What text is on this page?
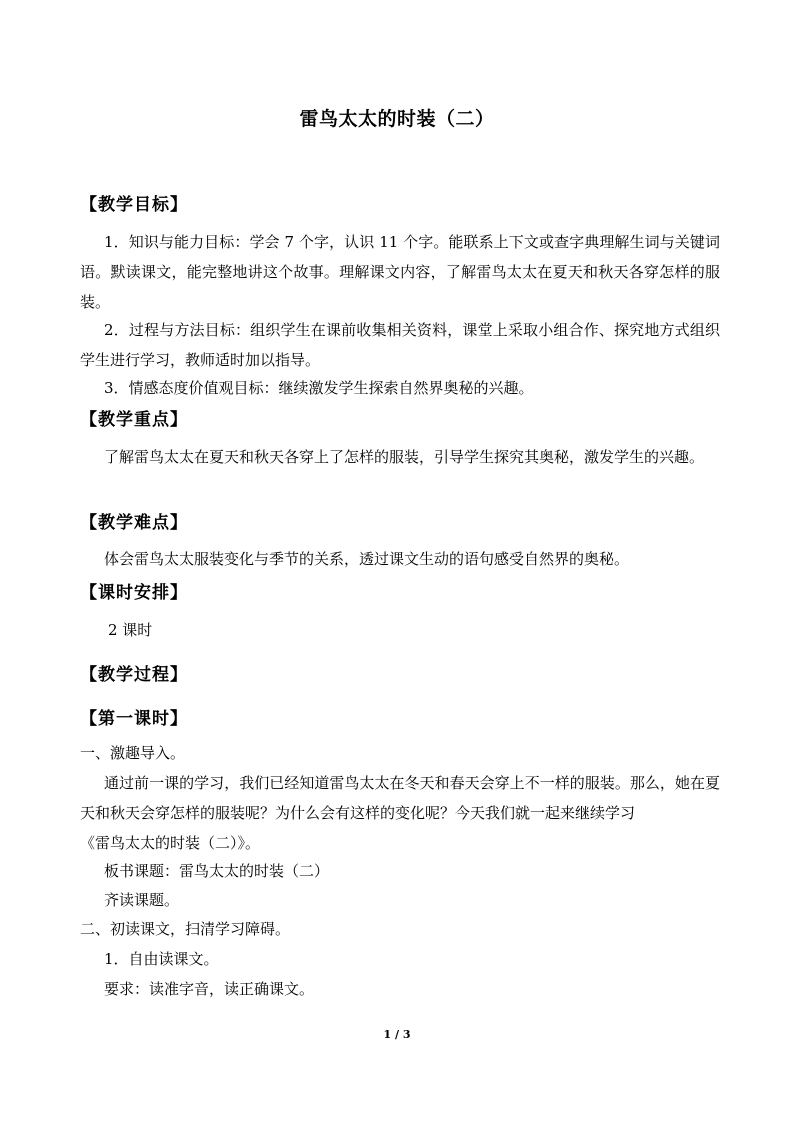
雷鸟太太的时装（二）
【教学目标】
1．知识与能力目标：学会 7 个字，认识 11 个字。能联系上下文或查字典理解生词与关键词语。默读课文，能完整地讲这个故事。理解课文内容，了解雷鸟太太在夏天和秋天各穿怎样的服装。
2．过程与方法目标：组织学生在课前收集相关资料，课堂上采取小组合作、探究地方式组织学生进行学习，教师适时加以指导。
3．情感态度价值观目标：继续激发学生探索自然界奥秘的兴趣。
【教学重点】
了解雷鸟太太在夏天和秋天各穿上了怎样的服装，引导学生探究其奥秘，激发学生的兴趣。
【教学难点】
体会雷鸟太太服装变化与季节的关系，透过课文生动的语句感受自然界的奥秘。
【课时安排】
2 课时
【教学过程】
【第一课时】
一、激趣导入。
通过前一课的学习，我们已经知道雷鸟太太在冬天和春天会穿上不一样的服装。那么，她在夏天和秋天会穿怎样的服装呢？为什么会有这样的变化呢？今天我们就一起来继续学习
《雷鸟太太的时装（二）》。
板书课题：雷鸟太太的时装（二）
齐读课题。
二、初读课文，扫清学习障碍。
1．自由读课文。
要求：读准字音，读正确课文。
1 / 3
